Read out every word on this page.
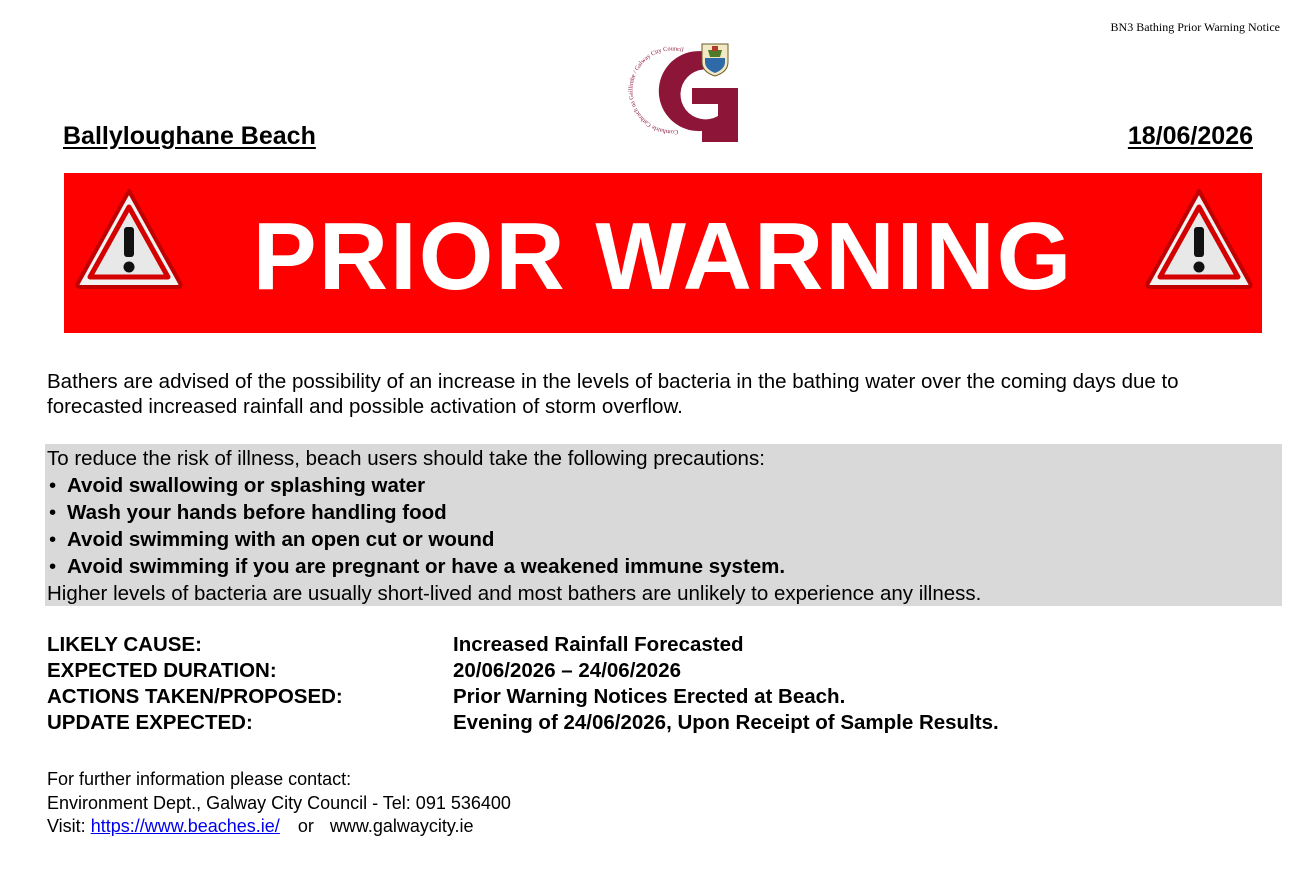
BN3 Bathing Prior Warning Notice
Comhairle Cathrach na Gaillimhe / Galway City Council
Ballyloughane Beach	18/06/2026
PRIOR WARNING

Bathers are advised of the possibility of an increase in the levels of bacteria in the bathing water over the coming days due to forecasted increased rainfall and possible activation of storm overflow.

To reduce the risk of illness, beach users should take the following precautions:
• Avoid swallowing or splashing water
• Wash your hands before handling food
• Avoid swimming with an open cut or wound
• Avoid swimming if you are pregnant or have a weakened immune system.
Higher levels of bacteria are usually short-lived and most bathers are unlikely to experience any illness.
LIKELY CAUSE:	Increased Rainfall Forecasted
EXPECTED DURATION:	20/06/2026 – 24/06/2026
ACTIONS TAKEN/PROPOSED:	Prior Warning Notices Erected at Beach.
UPDATE EXPECTED:	Evening of 24/06/2026, Upon Receipt of Sample Results.
For further information please contact:
Environment Dept., Galway City Council - Tel: 091 536400
Visit: https://www.beaches.ie/ or www.galwaycity.ie
